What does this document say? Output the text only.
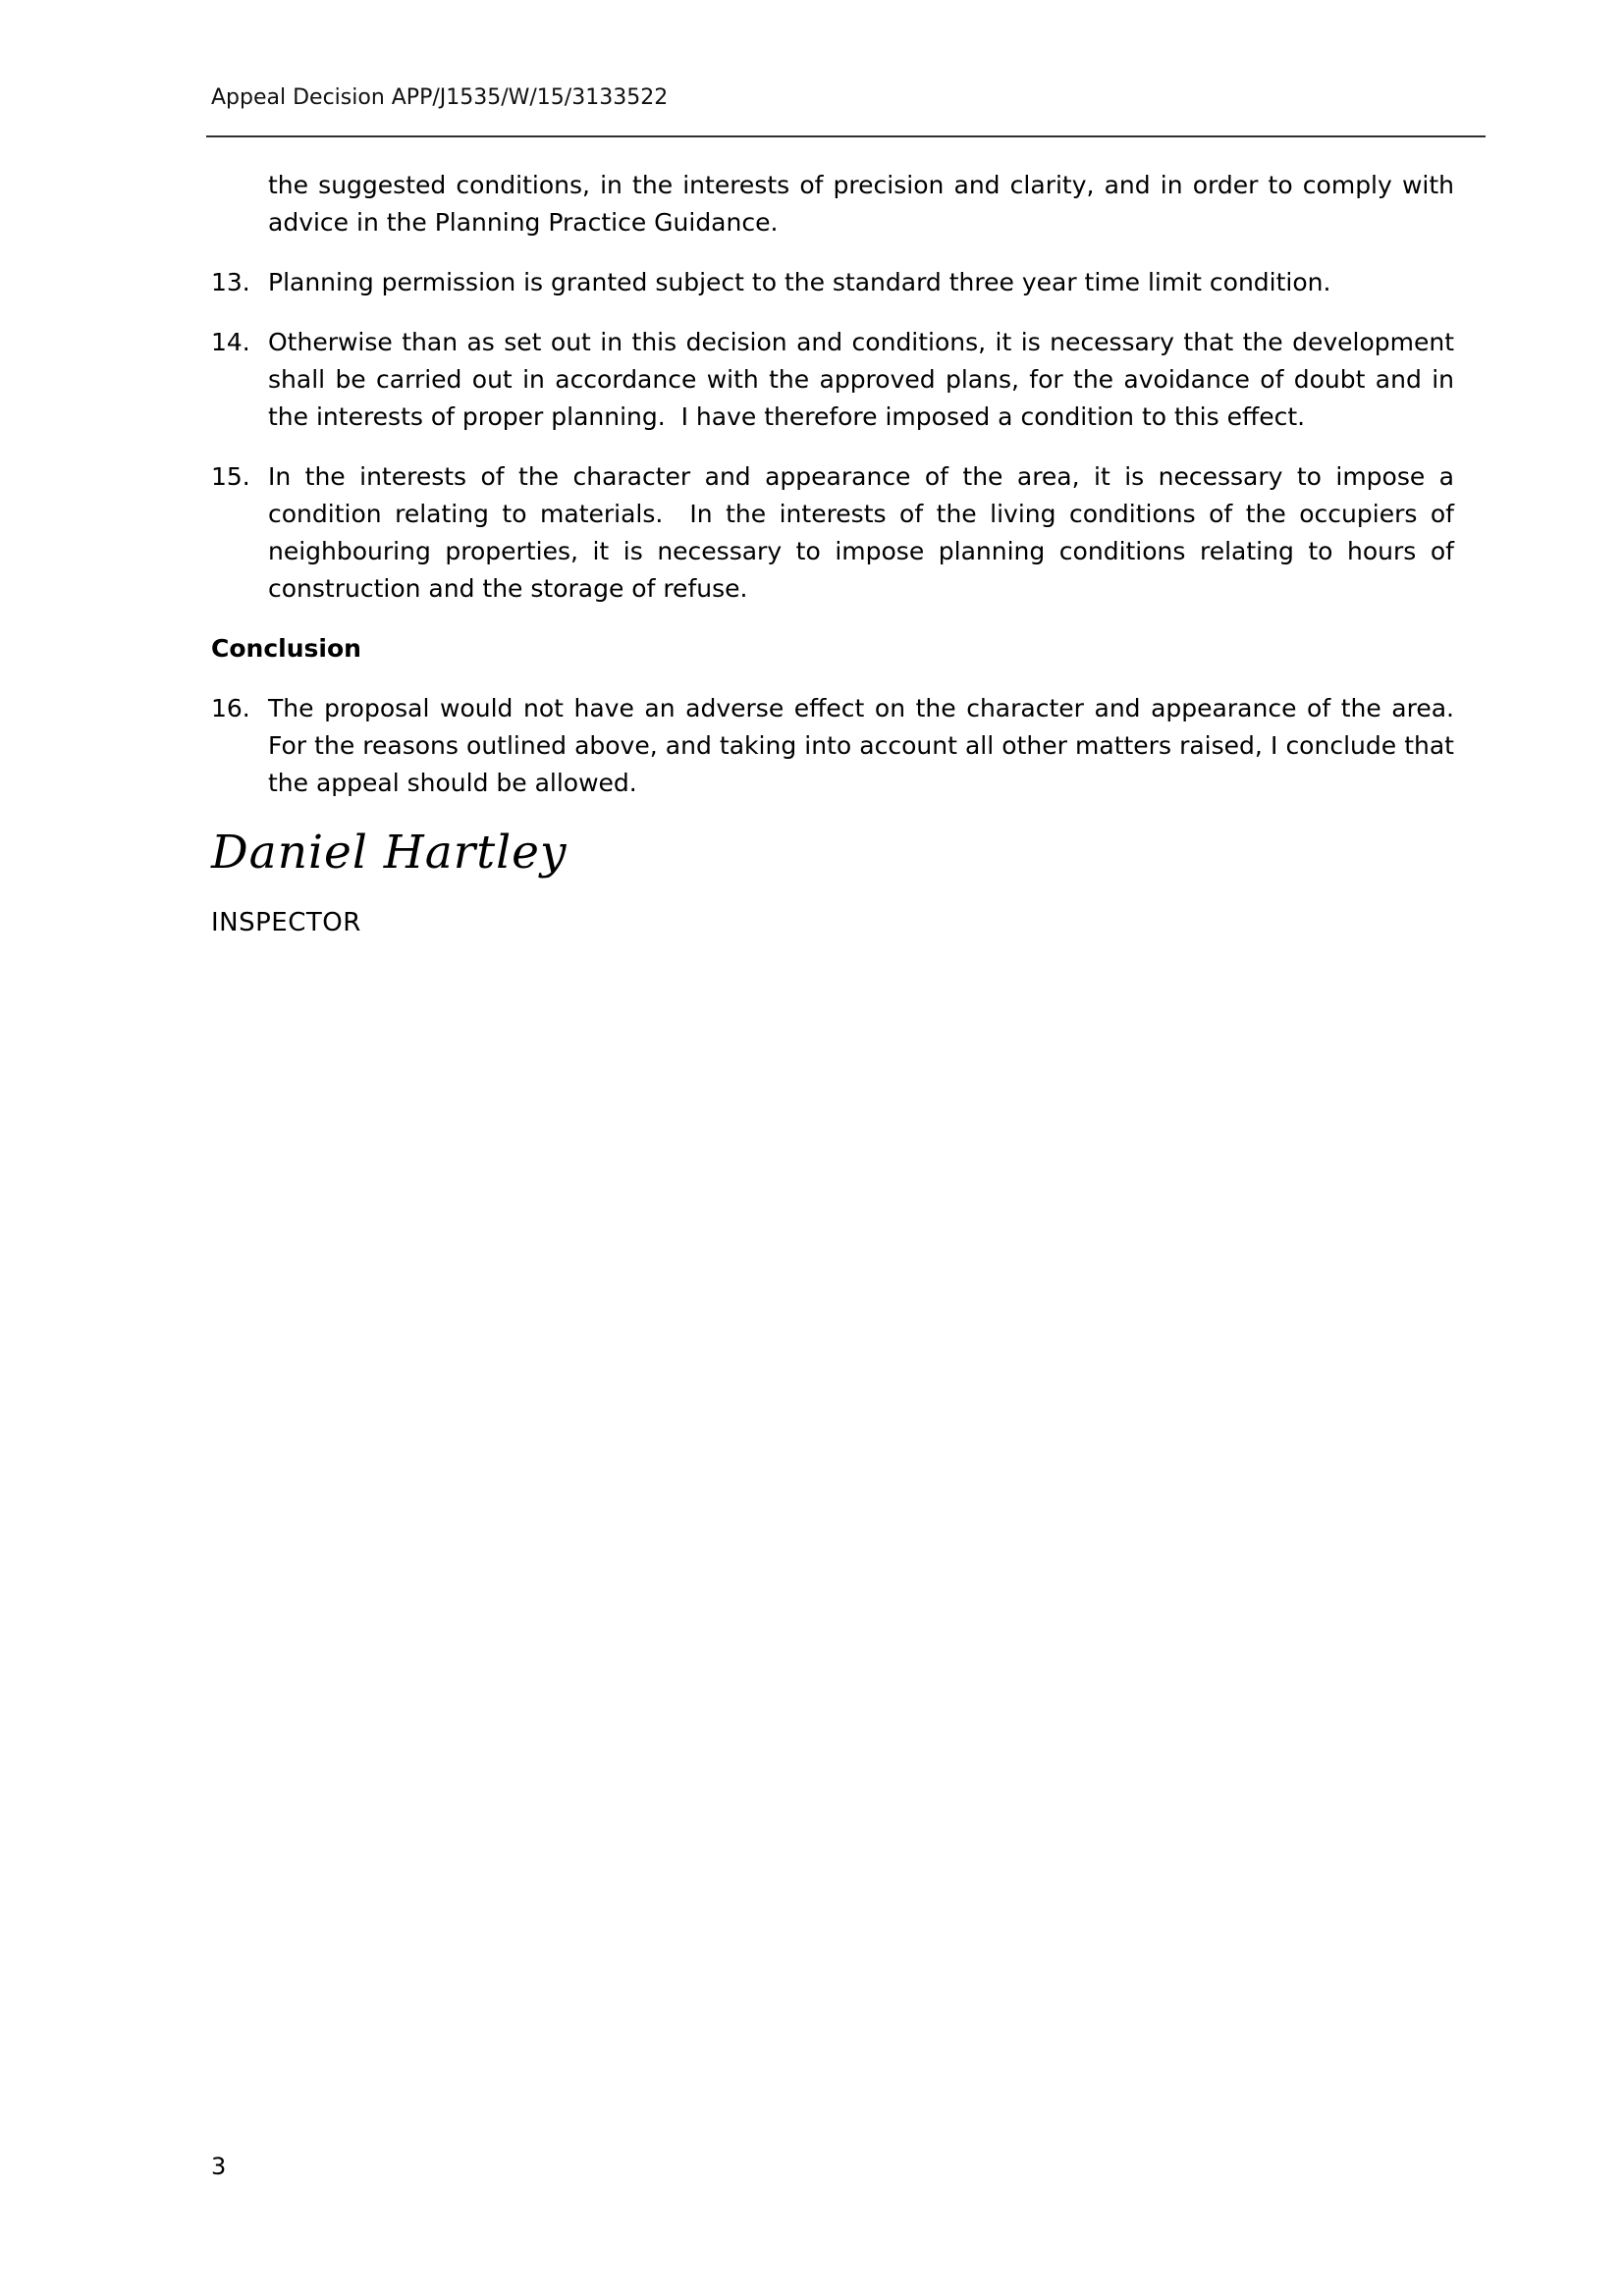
Appeal Decision APP/J1535/W/15/3133522
the suggested conditions, in the interests of precision and clarity, and in order to comply with advice in the Planning Practice Guidance.
13. Planning permission is granted subject to the standard three year time limit condition.
14. Otherwise than as set out in this decision and conditions, it is necessary that the development shall be carried out in accordance with the approved plans, for the avoidance of doubt and in the interests of proper planning.  I have therefore imposed a condition to this effect.
15. In the interests of the character and appearance of the area, it is necessary to impose a condition relating to materials.  In the interests of the living conditions of the occupiers of neighbouring properties, it is necessary to impose planning conditions relating to hours of construction and the storage of refuse.
Conclusion
16. The proposal would not have an adverse effect on the character and appearance of the area.  For the reasons outlined above, and taking into account all other matters raised, I conclude that the appeal should be allowed.
Daniel Hartley
INSPECTOR
3
